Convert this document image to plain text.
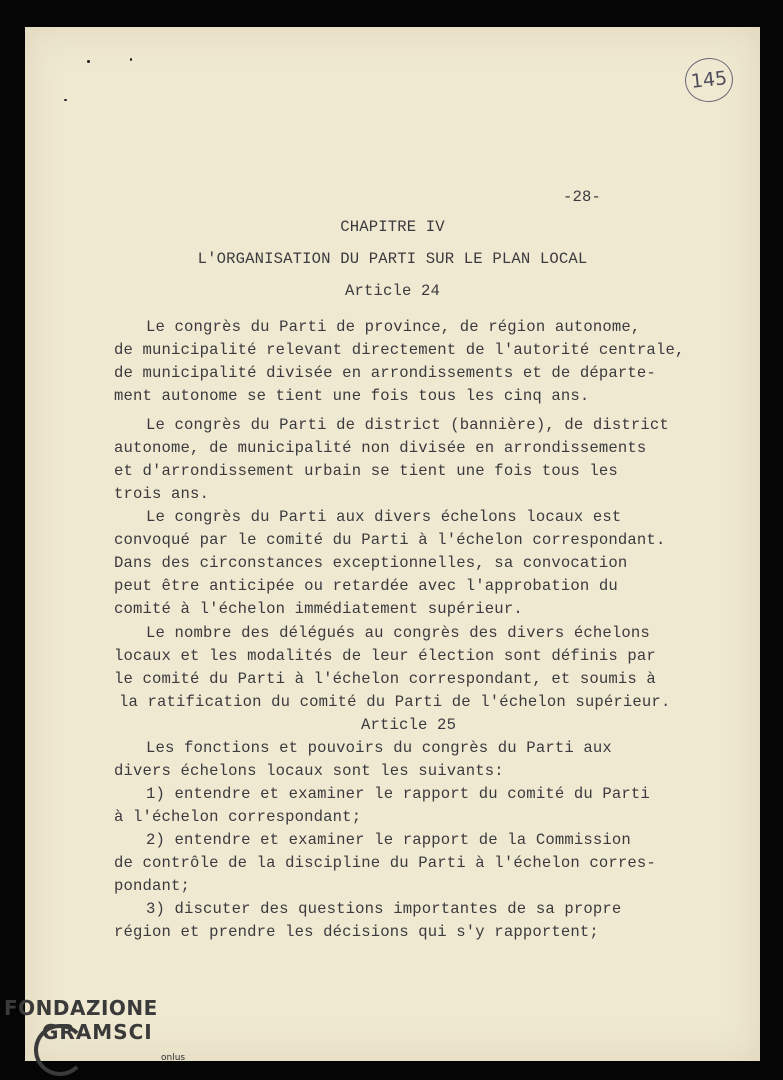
145
-28-
CHAPITRE IV
L'ORGANISATION DU PARTI SUR LE PLAN LOCAL
Article 24
Le congrès du Parti de province, de région autonome,
de municipalité relevant directement de l'autorité centrale,
de municipalité divisée en arrondissements et de départe-
ment autonome se tient une fois tous les cinq ans.
Le congrès du Parti de district (bannière), de district
autonome, de municipalité non divisée en arrondissements
et d'arrondissement urbain se tient une fois tous les
trois ans.
Le congrès du Parti aux divers échelons locaux est
convoqué par le comité du Parti à l'échelon correspondant.
Dans des circonstances exceptionnelles, sa convocation
peut être anticipée ou retardée avec l'approbation du
comité à l'échelon immédiatement supérieur.
Le nombre des délégués au congrès des divers échelons
locaux et les modalités de leur élection sont définis par
le comité du Parti à l'échelon correspondant, et soumis à
la ratification du comité du Parti de l'échelon supérieur.
Article 25
Les fonctions et pouvoirs du congrès du Parti aux
divers échelons locaux sont les suivants:
1) entendre et examiner le rapport du comité du Parti
à l'échelon correspondant;
2) entendre et examiner le rapport de la Commission
de contrôle de la discipline du Parti à l'échelon corres-
pondant;
3) discuter des questions importantes de sa propre
région et prendre les décisions qui s'y rapportent;
FONDAZIONE
GRAMSCI
onlus
